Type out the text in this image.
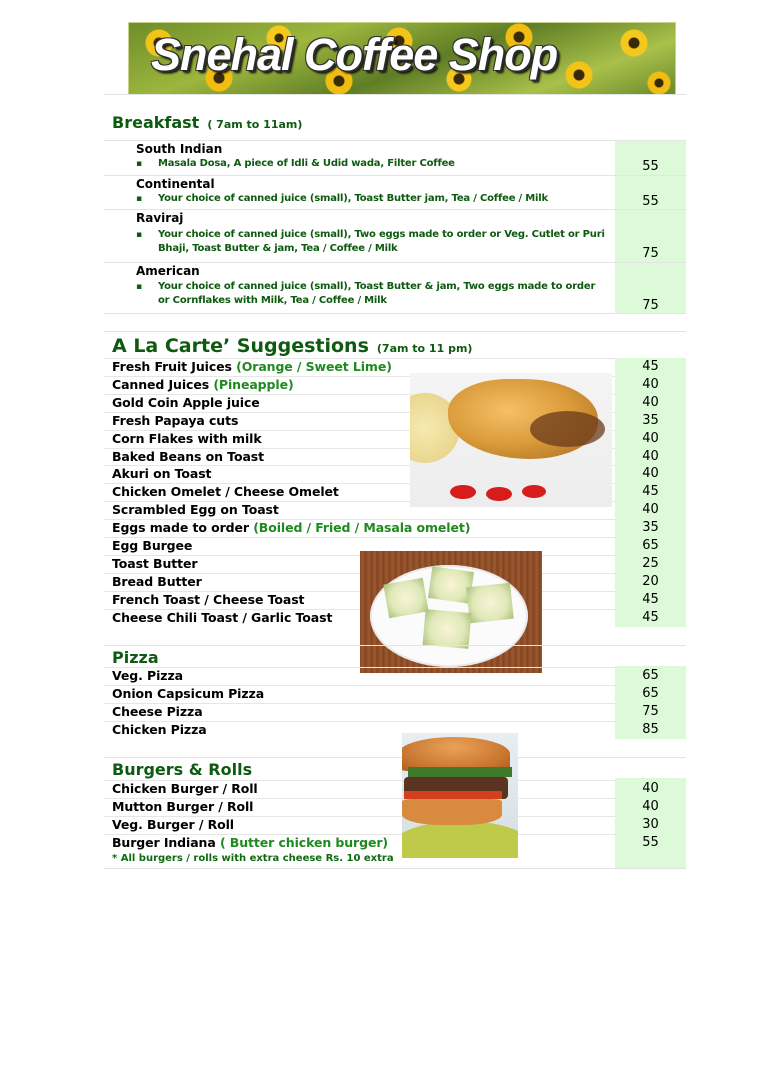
Snehal Coffee Shop
Breakfast ( 7am to 11am)
South Indian
▪ Masala Dosa, A piece of Idli & Udid wada, Filter Coffee	55
Continental
▪ Your choice of canned juice (small), Toast Butter jam, Tea / Coffee / Milk	55
Raviraj
▪ Your choice of canned juice (small), Two eggs made to order or Veg. Cutlet or Puri Bhaji, Toast Butter & jam, Tea / Coffee / Milk	75
American
▪ Your choice of canned juice (small), Toast Butter & jam, Two eggs made to order or Cornflakes with Milk, Tea / Coffee / Milk	75
A La Carte’ Suggestions (7am to 11 pm)
Fresh Fruit Juices (Orange / Sweet Lime)	45
Canned Juices (Pineapple)	40
Gold Coin Apple juice	40
Fresh Papaya cuts	35
Corn Flakes with milk	40
Baked Beans on Toast	40
Akuri on Toast	40
Chicken Omelet / Cheese Omelet	45
Scrambled Egg on Toast	40
Eggs made to order (Boiled / Fried / Masala omelet)	35
Egg Burgee	65
Toast Butter	25
Bread Butter	20
French Toast / Cheese Toast	45
Cheese Chili Toast / Garlic Toast	45
Pizza
Veg. Pizza	65
Onion Capsicum Pizza	65
Cheese Pizza	75
Chicken Pizza	85
Burgers & Rolls
Chicken Burger / Roll	40
Mutton Burger / Roll	40
Veg. Burger / Roll	30
Burger Indiana ( Butter chicken burger)	55
* All burgers / rolls with extra cheese Rs. 10 extra
